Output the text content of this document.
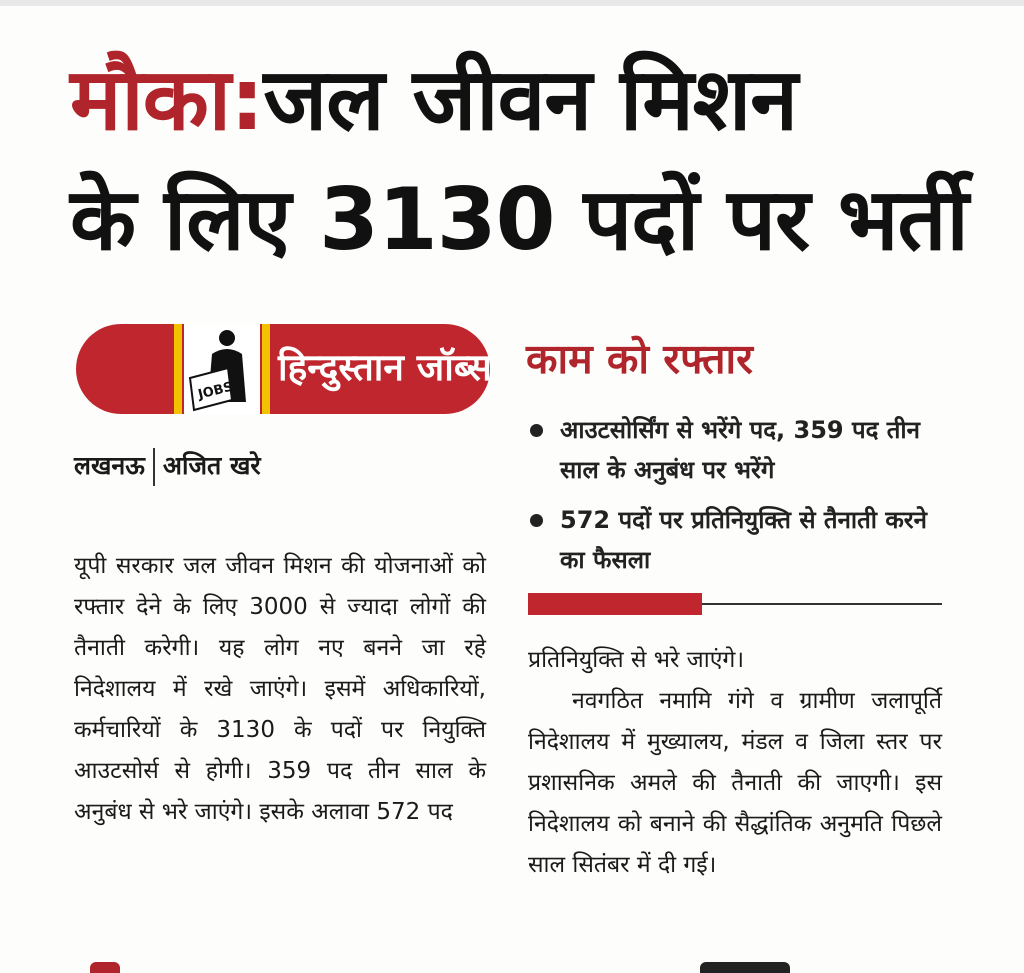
मौका:जल जीवन मिशन
के लिए 3130 पदों पर भर्ती
JOBS
हिन्दुस्तान जॉब्स
लखनऊ अजित खरे
काम को रफ्तार
आउटसोर्सिंग से भरेंगे पद, 359 पद तीन साल के अनुबंध पर भरेंगे
572 पदों पर प्रतिनियुक्ति से तैनाती करने का फैसला

यूपी सरकार जल जीवन मिशन की योजनाओं को रफ्तार देने के लिए 3000 से ज्यादा लोगों की तैनाती करेगी। यह लोग नए बनने जा रहे निदेशालय में रखे जाएंगे। इसमें अधिकारियों, कर्मचारियों के 3130 के पदों पर नियुक्ति आउटसोर्स से होगी। 359 पद तीन साल के अनुबंध से भरे जाएंगे। इसके अलावा 572 पद

प्रतिनियुक्ति से भरे जाएंगे।

नवगठित नमामि गंगे व ग्रामीण जलापूर्ति निदेशालय में मुख्यालय, मंडल व जिला स्तर पर प्रशासनिक अमले की तैनाती की जाएगी। इस निदेशालय को बनाने की सैद्धांतिक अनुमति पिछले साल सितंबर में दी गई।
